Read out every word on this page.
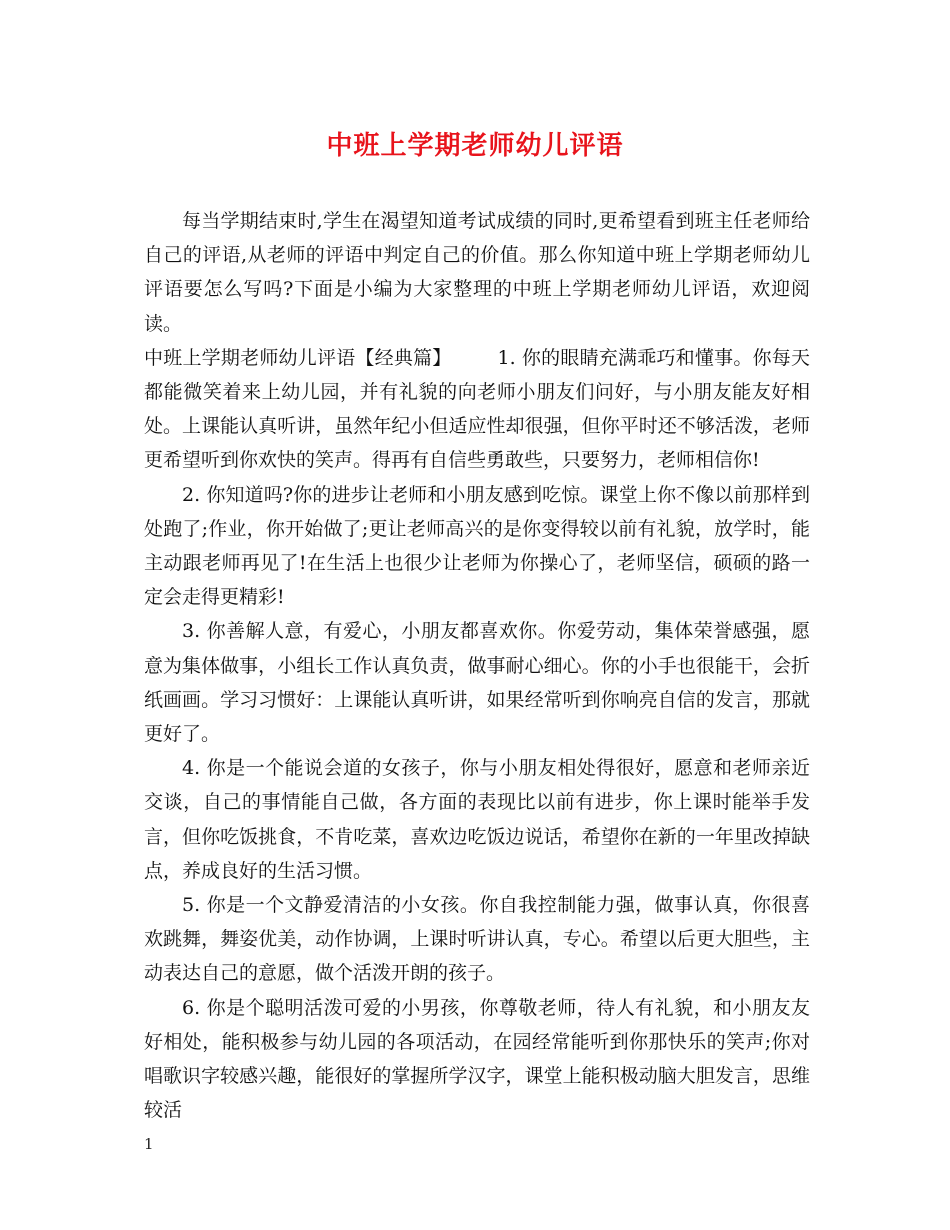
中班上学期老师幼儿评语

每当学期结束时,学生在渴望知道考试成绩的同时,更希望看到班主任老师给自己的评语,从老师的评语中判定自己的价值。那么你知道中班上学期老师幼儿评语要怎么写吗?下面是小编为大家整理的中班上学期老师幼儿评语，欢迎阅读。

中班上学期老师幼儿评语【经典篇】 1. 你的眼睛充满乖巧和懂事。你每天都能微笑着来上幼儿园，并有礼貌的向老师小朋友们问好，与小朋友能友好相处。上课能认真听讲，虽然年纪小但适应性却很强，但你平时还不够活泼，老师更希望听到你欢快的笑声。得再有自信些勇敢些，只要努力，老师相信你!

2. 你知道吗?你的进步让老师和小朋友感到吃惊。课堂上你不像以前那样到处跑了;作业，你开始做了;更让老师高兴的是你变得较以前有礼貌，放学时，能主动跟老师再见了!在生活上也很少让老师为你操心了，老师坚信，硕硕的路一定会走得更精彩!

3. 你善解人意，有爱心，小朋友都喜欢你。你爱劳动，集体荣誉感强，愿意为集体做事，小组长工作认真负责，做事耐心细心。你的小手也很能干，会折纸画画。学习习惯好：上课能认真听讲，如果经常听到你响亮自信的发言，那就更好了。

4. 你是一个能说会道的女孩子，你与小朋友相处得很好，愿意和老师亲近交谈，自己的事情能自己做，各方面的表现比以前有进步，你上课时能举手发言，但你吃饭挑食，不肯吃菜，喜欢边吃饭边说话，希望你在新的一年里改掉缺点，养成良好的生活习惯。

5. 你是一个文静爱清洁的小女孩。你自我控制能力强，做事认真，你很喜欢跳舞，舞姿优美，动作协调，上课时听讲认真，专心。希望以后更大胆些，主动表达自己的意愿，做个活泼开朗的孩子。

6. 你是个聪明活泼可爱的小男孩，你尊敬老师，待人有礼貌，和小朋友友好相处，能积极参与幼儿园的各项活动，在园经常能听到你那快乐的笑声;你对唱歌识字较感兴趣，能很好的掌握所学汉字，课堂上能积极动脑大胆发言，思维较活

1
